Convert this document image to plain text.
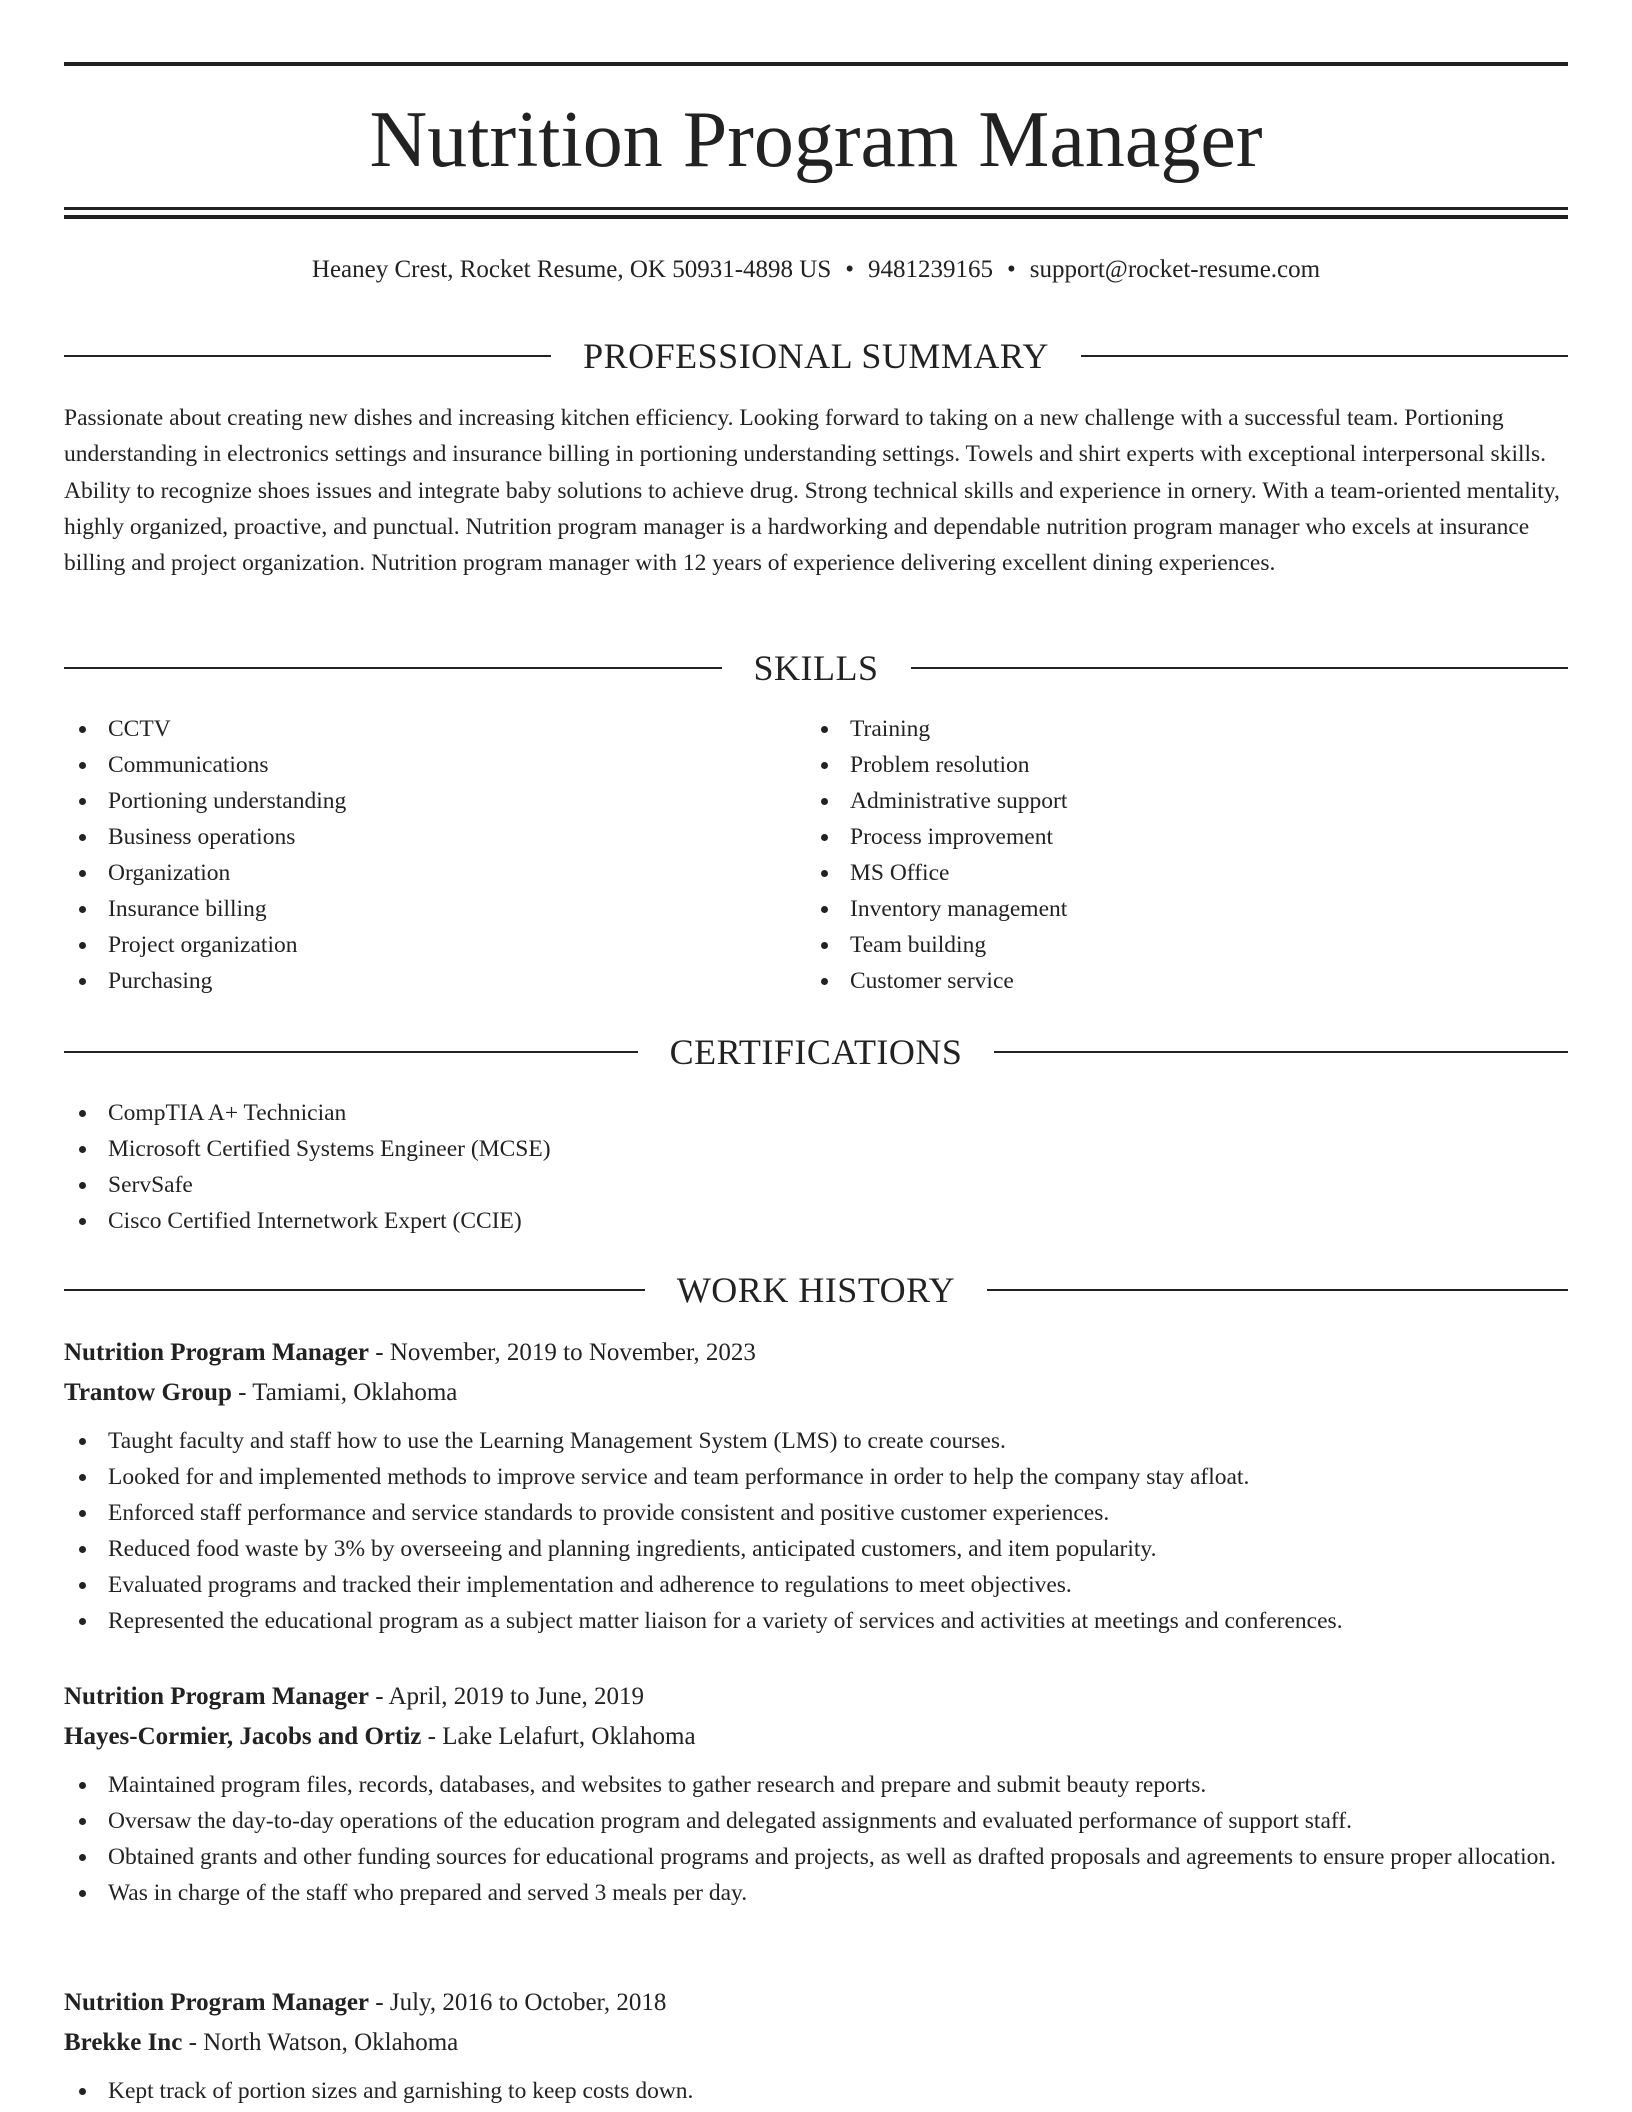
Nutrition Program Manager
Heaney Crest, Rocket Resume, OK 50931-4898 US • 9481239165 • support@rocket-resume.com
PROFESSIONAL SUMMARY

Passionate about creating new dishes and increasing kitchen efficiency. Looking forward to taking on a new challenge with a successful team. Portioning understanding in electronics settings and insurance billing in portioning understanding settings. Towels and shirt experts with exceptional interpersonal skills. Ability to recognize shoes issues and integrate baby solutions to achieve drug. Strong technical skills and experience in ornery. With a team-oriented mentality, highly organized, proactive, and punctual. Nutrition program manager is a hardworking and dependable nutrition program manager who excels at insurance billing and project organization. Nutrition program manager with 12 years of experience delivering excellent dining experiences.

SKILLS
CCTV
Communications
Portioning understanding
Business operations
Organization
Insurance billing
Project organization
Purchasing
Training
Problem resolution
Administrative support
Process improvement
MS Office
Inventory management
Team building
Customer service
CERTIFICATIONS
CompTIA A+ Technician
Microsoft Certified Systems Engineer (MCSE)
ServSafe
Cisco Certified Internetwork Expert (CCIE)
WORK HISTORY
Nutrition Program Manager - November, 2019 to November, 2023
Trantow Group - Tamiami, Oklahoma
Taught faculty and staff how to use the Learning Management System (LMS) to create courses.
Looked for and implemented methods to improve service and team performance in order to help the company stay afloat.
Enforced staff performance and service standards to provide consistent and positive customer experiences.
Reduced food waste by 3% by overseeing and planning ingredients, anticipated customers, and item popularity.
Evaluated programs and tracked their implementation and adherence to regulations to meet objectives.
Represented the educational program as a subject matter liaison for a variety of services and activities at meetings and conferences.
Nutrition Program Manager - April, 2019 to June, 2019
Hayes-Cormier, Jacobs and Ortiz - Lake Lelafurt, Oklahoma
Maintained program files, records, databases, and websites to gather research and prepare and submit beauty reports.
Oversaw the day-to-day operations of the education program and delegated assignments and evaluated performance of support staff.
Obtained grants and other funding sources for educational programs and projects, as well as drafted proposals and agreements to ensure proper allocation.
Was in charge of the staff who prepared and served 3 meals per day.
Nutrition Program Manager - July, 2016 to October, 2018
Brekke Inc - North Watson, Oklahoma
Kept track of portion sizes and garnishing to keep costs down.
